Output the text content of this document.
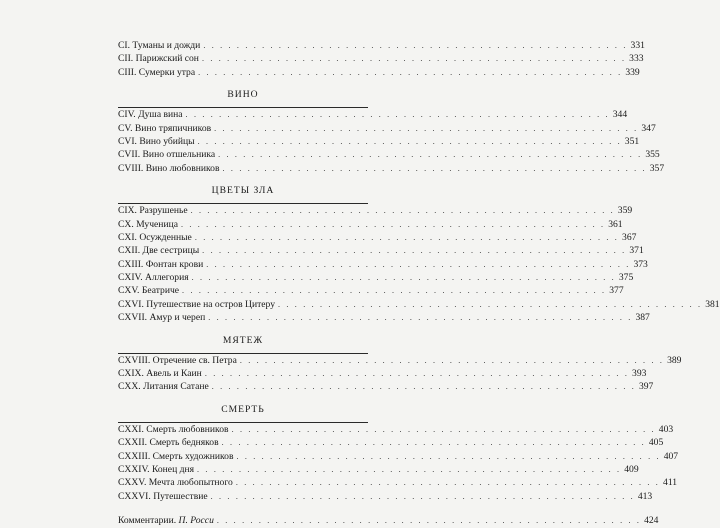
CI.
Туманы и дожди . . . . . . . . . . . . . . . . . . . . . . . . . . . . . . . . . . . . . . . . . . . . . . . . . . . 331
CII.
Парижский сон . . . . . . . . . . . . . . . . . . . . . . . . . . . . . . . . . . . . . . . . . . . . . . . . . . . 333
CIII.
Сумерки утра . . . . . . . . . . . . . . . . . . . . . . . . . . . . . . . . . . . . . . . . . . . . . . . . . . . 339
ВИНО
CIV.
Душа вина . . . . . . . . . . . . . . . . . . . . . . . . . . . . . . . . . . . . . . . . . . . . . . . . . . . 344
CV.
Вино тряпичников . . . . . . . . . . . . . . . . . . . . . . . . . . . . . . . . . . . . . . . . . . . . . . . . . . . 347
CVI.
Вино убийцы . . . . . . . . . . . . . . . . . . . . . . . . . . . . . . . . . . . . . . . . . . . . . . . . . . . 351
CVII.
Вино отшельника . . . . . . . . . . . . . . . . . . . . . . . . . . . . . . . . . . . . . . . . . . . . . . . . . . . 355
CVIII.
Вино любовников . . . . . . . . . . . . . . . . . . . . . . . . . . . . . . . . . . . . . . . . . . . . . . . . . . . 357
ЦВЕТЫ ЗЛА
CIX.
Разрушенье . . . . . . . . . . . . . . . . . . . . . . . . . . . . . . . . . . . . . . . . . . . . . . . . . . . 359
CX.
Мученица . . . . . . . . . . . . . . . . . . . . . . . . . . . . . . . . . . . . . . . . . . . . . . . . . . . 361
CXI.
Осужденные . . . . . . . . . . . . . . . . . . . . . . . . . . . . . . . . . . . . . . . . . . . . . . . . . . . 367
CXII.
Две сестрицы . . . . . . . . . . . . . . . . . . . . . . . . . . . . . . . . . . . . . . . . . . . . . . . . . . . 371
CXIII.
Фонтан крови . . . . . . . . . . . . . . . . . . . . . . . . . . . . . . . . . . . . . . . . . . . . . . . . . . . 373
CXIV.
Аллегория . . . . . . . . . . . . . . . . . . . . . . . . . . . . . . . . . . . . . . . . . . . . . . . . . . . 375
CXV.
Беатриче . . . . . . . . . . . . . . . . . . . . . . . . . . . . . . . . . . . . . . . . . . . . . . . . . . . 377
CXVI.
Путешествие на остров Цитеру . . . . . . . . . . . . . . . . . . . . . . . . . . . . . . . . . . . . . . . . . . . . . . . . . . . 381
CXVII.
Амур и череп . . . . . . . . . . . . . . . . . . . . . . . . . . . . . . . . . . . . . . . . . . . . . . . . . . . 387
МЯТЕЖ
CXVIII.
Отречение св. Петра . . . . . . . . . . . . . . . . . . . . . . . . . . . . . . . . . . . . . . . . . . . . . . . . . . . 389
CXIX.
Авель и Каин . . . . . . . . . . . . . . . . . . . . . . . . . . . . . . . . . . . . . . . . . . . . . . . . . . . 393
CXX.
Литания Сатане . . . . . . . . . . . . . . . . . . . . . . . . . . . . . . . . . . . . . . . . . . . . . . . . . . . 397
СМЕРТЬ
CXXI.
Смерть любовников . . . . . . . . . . . . . . . . . . . . . . . . . . . . . . . . . . . . . . . . . . . . . . . . . . . 403
CXXII.
Смерть бедняков . . . . . . . . . . . . . . . . . . . . . . . . . . . . . . . . . . . . . . . . . . . . . . . . . . . 405
CXXIII.
Смерть художников . . . . . . . . . . . . . . . . . . . . . . . . . . . . . . . . . . . . . . . . . . . . . . . . . . . 407
CXXIV.
Конец дня . . . . . . . . . . . . . . . . . . . . . . . . . . . . . . . . . . . . . . . . . . . . . . . . . . . 409
CXXV.
Мечта любопытного . . . . . . . . . . . . . . . . . . . . . . . . . . . . . . . . . . . . . . . . . . . . . . . . . . . 411
CXXVI.
Путешествие . . . . . . . . . . . . . . . . . . . . . . . . . . . . . . . . . . . . . . . . . . . . . . . . . . . 413
Комментарии.
П. Росси . . . . . . . . . . . . . . . . . . . . . . . . . . . . . . . . . . . . . . . . . . . . . . . . . . . 424
